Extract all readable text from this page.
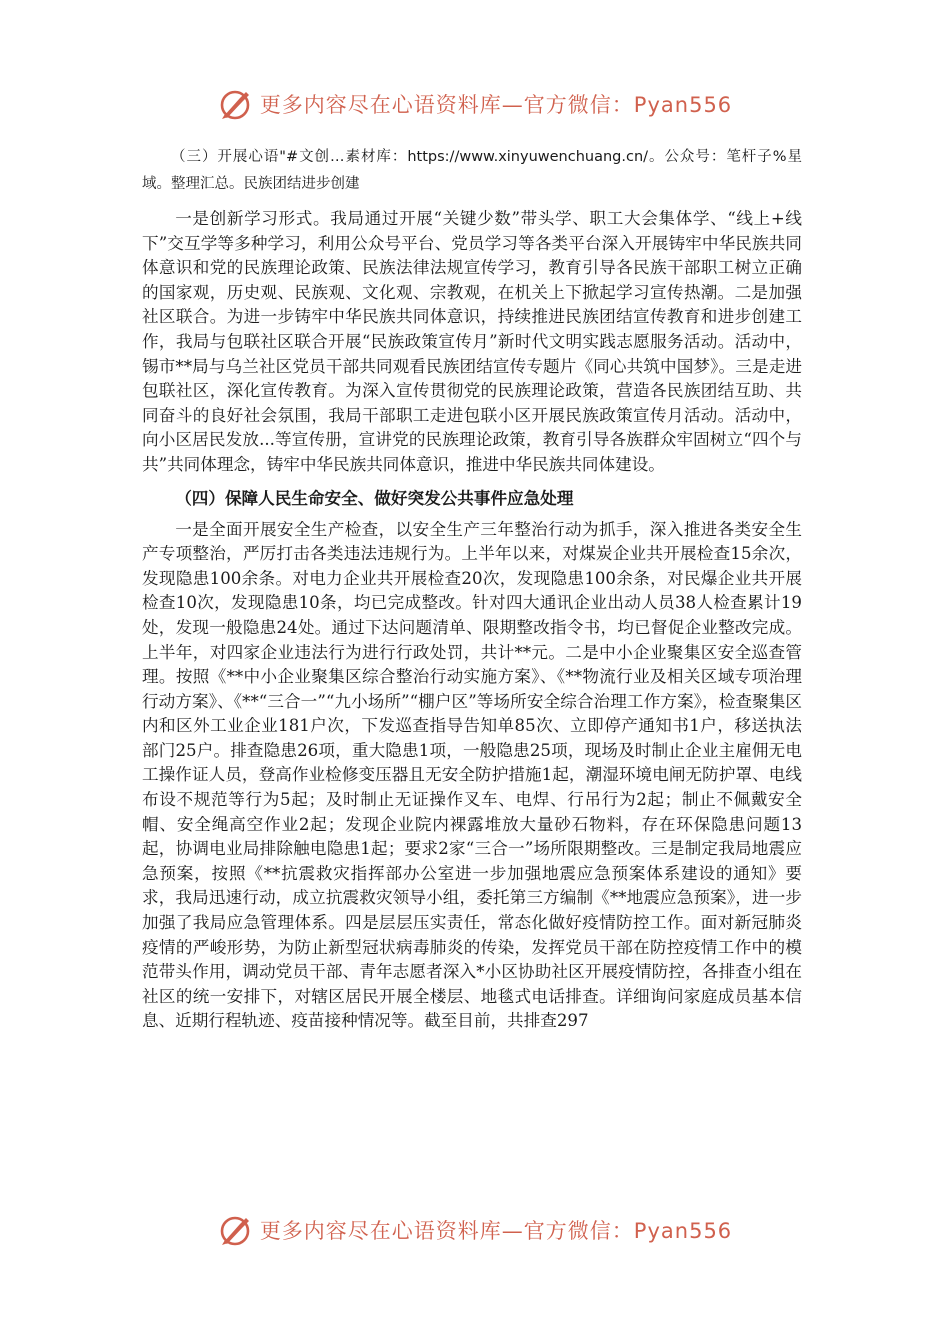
更多内容尽在心语资料库—官方微信：Pyan556

（三）开展心语"#文创…素材库：https://www.xinyuwenchuang.cn/。公众号：笔杆子%星域。整理汇总。民族团结进步创建

一是创新学习形式。我局通过开展“关键少数”带头学、职工大会集体学、“线上+线下”交互学等多种学习，利用公众号平台、党员学习等各类平台深入开展铸牢中华民族共同体意识和党的民族理论政策、民族法律法规宣传学习，教育引导各民族干部职工树立正确的国家观，历史观、民族观、文化观、宗教观，在机关上下掀起学习宣传热潮。二是加强社区联合。为进一步铸牢中华民族共同体意识，持续推进民族团结宣传教育和进步创建工作，我局与包联社区联合开展“民族政策宣传月”新时代文明实践志愿服务活动。活动中，锡市**局与乌兰社区党员干部共同观看民族团结宣传专题片《同心共筑中国梦》。三是走进包联社区，深化宣传教育。为深入宣传贯彻党的民族理论政策，营造各民族团结互助、共同奋斗的良好社会氛围，我局干部职工走进包联小区开展民族政策宣传月活动。活动中，向小区居民发放...等宣传册，宣讲党的民族理论政策，教育引导各族群众牢固树立“四个与共”共同体理念，铸牢中华民族共同体意识，推进中华民族共同体建设。

（四）保障人民生命安全、做好突发公共事件应急处理

一是全面开展安全生产检查，以安全生产三年整治行动为抓手，深入推进各类安全生产专项整治，严厉打击各类违法违规行为。上半年以来，对煤炭企业共开展检查15余次，发现隐患100余条。对电力企业共开展检查20次，发现隐患100余条，对民爆企业共开展检查10次，发现隐患10条，均已完成整改。针对四大通讯企业出动人员38人检查累计19处，发现一般隐患24处。通过下达问题清单、限期整改指令书，均已督促企业整改完成。上半年，对四家企业违法行为进行行政处罚，共计**元。二是中小企业聚集区安全巡查管理。按照《**中小企业聚集区综合整治行动实施方案》、《**物流行业及相关区域专项治理行动方案》、《**“三合一”“九小场所”“棚户区”等场所安全综合治理工作方案》，检查聚集区内和区外工业企业181户次，下发巡查指导告知单85次、立即停产通知书1户，移送执法部门25户。排查隐患26项，重大隐患1项，一般隐患25项，现场及时制止企业主雇佣无电工操作证人员，登高作业检修变压器且无安全防护措施1起，潮湿环境电闸无防护罩、电线布设不规范等行为5起；及时制止无证操作叉车、电焊、行吊行为2起；制止不佩戴安全帽、安全绳高空作业2起；发现企业院内裸露堆放大量砂石物料，存在环保隐患问题13起，协调电业局排除触电隐患1起；要求2家“三合一”场所限期整改。三是制定我局地震应急预案，按照《**抗震救灾指挥部办公室进一步加强地震应急预案体系建设的通知》要求，我局迅速行动，成立抗震救灾领导小组，委托第三方编制《**地震应急预案》，进一步加强了我局应急管理体系。四是层层压实责任，常态化做好疫情防控工作。面对新冠肺炎疫情的严峻形势，为防止新型冠状病毒肺炎的传染，发挥党员干部在防控疫情工作中的模范带头作用，调动党员干部、青年志愿者深入*小区协助社区开展疫情防控，各排查小组在社区的统一安排下，对辖区居民开展全楼层、地毯式电话排查。详细询问家庭成员基本信息、近期行程轨迹、疫苗接种情况等。截至目前，共排查297

更多内容尽在心语资料库—官方微信：Pyan556
